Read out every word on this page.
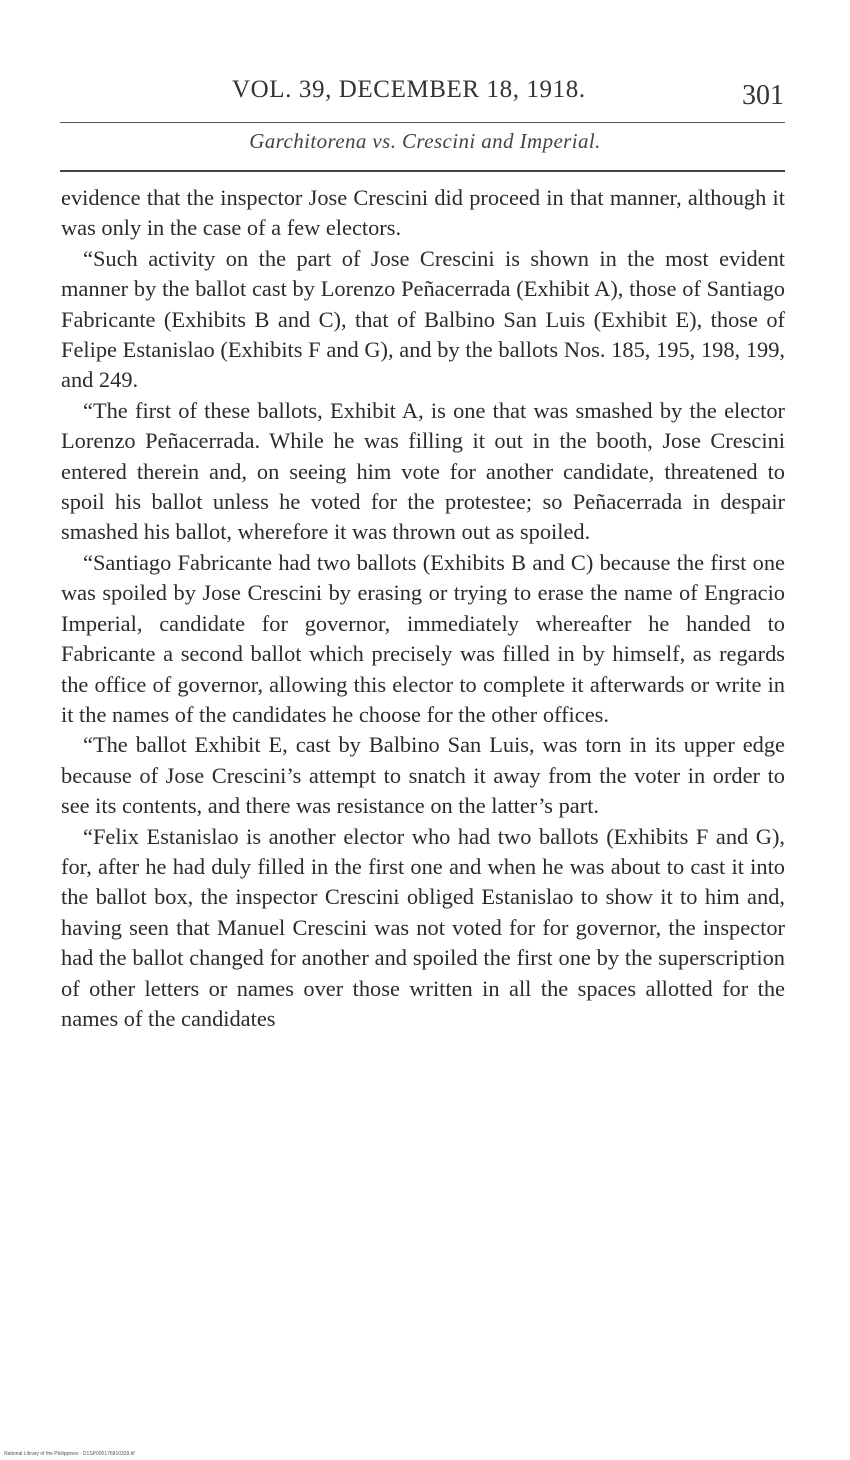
VOL. 39, DECEMBER 18, 1918.	301
Garchitorena vs. Crescini and Imperial.

evidence that the inspector Jose Crescini did proceed in that manner, although it was only in the case of a few electors.

“Such activity on the part of Jose Crescini is shown in the most evident manner by the ballot cast by Lorenzo Peñacerrada (Exhibit A), those of Santiago Fabricante (Exhibits B and C), that of Balbino San Luis (Exhibit E), those of Felipe Estanislao (Exhibits F and G), and by the ballots Nos. 185, 195, 198, 199, and 249.

“The first of these ballots, Exhibit A, is one that was smashed by the elector Lorenzo Peñacerrada. While he was filling it out in the booth, Jose Crescini entered therein and, on seeing him vote for another candidate, threatened to spoil his ballot unless he voted for the protestee; so Peñacerrada in despair smashed his ballot, wherefore it was thrown out as spoiled.

“Santiago Fabricante had two ballots (Exhibits B and C) because the first one was spoiled by Jose Crescini by erasing or trying to erase the name of Engracio Imperial, candidate for governor, immediately whereafter he handed to Fabricante a second ballot which precisely was filled in by himself, as regards the office of governor, allowing this elector to complete it afterwards or write in it the names of the candidates he choose for the other offices.

“The ballot Exhibit E, cast by Balbino San Luis, was torn in its upper edge because of Jose Crescini’s attempt to snatch it away from the voter in order to see its contents, and there was resistance on the latter’s part.

“Felix Estanislao is another elector who had two ballots (Exhibits F and G), for, after he had duly filled in the first one and when he was about to cast it into the ballot box, the inspector Crescini obliged Estanislao to show it to him and, having seen that Manuel Crescini was not voted for for governor, the inspector had the ballot changed for another and spoiled the first one by the superscription of other letters or names over those written in all the spaces allotted for the names of the candidates

National Library of the Philippines · D1SP000176810339.tif
